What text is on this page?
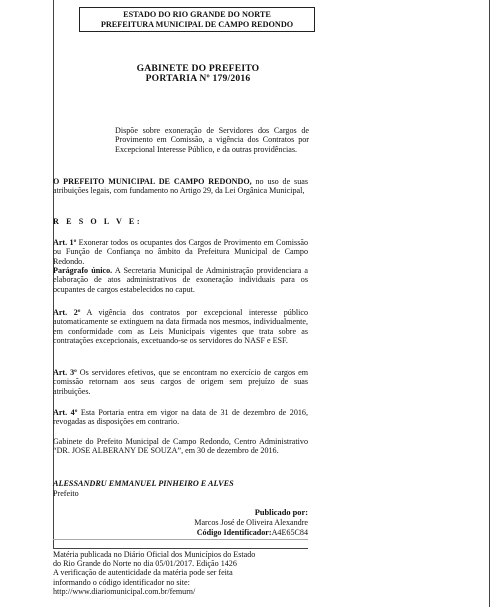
ESTADO DO RIO GRANDE DO NORTE
PREFEITURA MUNICIPAL DE CAMPO REDONDO
GABINETE DO PREFEITO
PORTARIA Nº 179/2016
Dispõe sobre exoneração de Servidores dos Cargos de Provimento em Comissão, a vigência dos Contratos por Excepcional Interesse Público, e da outras providências.
O PREFEITO MUNICIPAL DE CAMPO REDONDO, no uso de suas atribuições legais, com fundamento no Artigo 29, da Lei Orgânica Municipal,
R E S O L V E:
Art. 1º Exonerar todos os ocupantes dos Cargos de Provimento em Comissão ou Função de Confiança no âmbito da Prefeitura Municipal de Campo Redondo.
Parágrafo único. A Secretaria Municipal de Administração providenciara a elaboração de atos administrativos de exoneração individuais para os ocupantes de cargos estabelecidos no caput.
Art. 2º A vigência dos contratos por excepcional interesse público automaticamente se extinguem na data firmada nos mesmos, individualmente, em conformidade com as Leis Municipais vigentes que trata sobre as contratações excepcionais, excetuando-se os servidores do NASF e ESF.
Art. 3º Os servidores efetivos, que se encontram no exercício de cargos em comissão retornam aos seus cargos de origem sem prejuízo de suas atribuições.
Art. 4º Esta Portaria entra em vigor na data de 31 de dezembro de 2016, revogadas as disposições em contrario.
Gabinete do Prefeito Municipal de Campo Redondo, Centro Administrativo “DR. JOSE ALBERANY DE SOUZA”, em 30 de dezembro de 2016.
ALESSANDRU EMMANUEL PINHEIRO E ALVES
Prefeito
Publicado por:
Marcos José de Oliveira Alexandre
Código Identificador:A4E65C84
Matéria publicada no Diário Oficial dos Municípios do Estado
do Rio Grande do Norte no dia 05/01/2017. Edição 1426
A verificação de autenticidade da matéria pode ser feita
informando o código identificador no site:
http://www.diariomunicipal.com.br/femurn/
